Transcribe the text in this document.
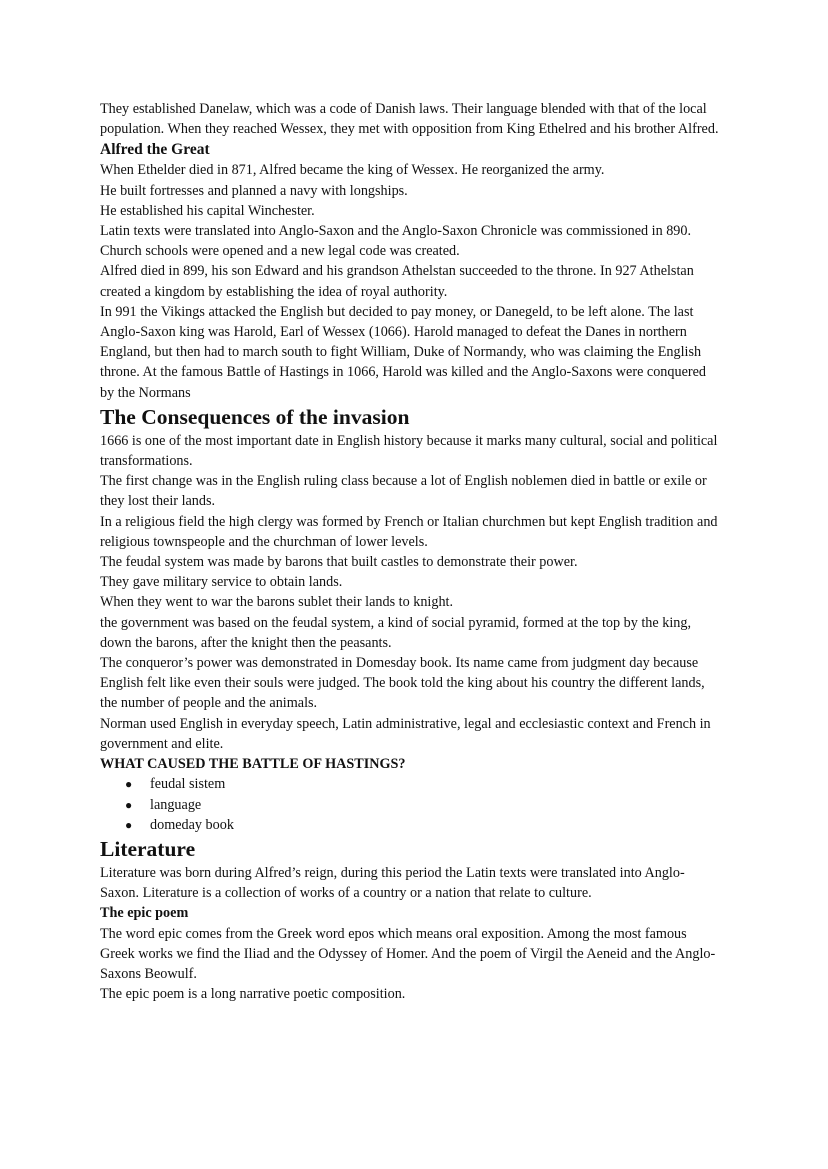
They established Danelaw, which was a code of Danish laws. Their language blended with that of the local population. When they reached Wessex, they met with opposition from King Ethelred and his brother Alfred.

Alfred the Great

When Ethelder died in 871, Alfred became the king of Wessex. He reorganized the army.

He built fortresses and planned a navy with longships.

He established his capital Winchester.

Latin texts were translated into Anglo-Saxon and the Anglo-Saxon Chronicle was commissioned in 890.

Church schools were opened and a new legal code was created.

Alfred died in 899, his son Edward and his grandson Athelstan succeeded to the throne. In 927 Athelstan created a kingdom by establishing the idea of royal authority.

In 991 the Vikings attacked the English but decided to pay money, or Danegeld, to be left alone. The last Anglo-Saxon king was Harold, Earl of Wessex (1066). Harold managed to defeat the Danes in northern England, but then had to march south to fight William, Duke of Normandy, who was claiming the English throne. At the famous Battle of Hastings in 1066, Harold was killed and the Anglo-Saxons were conquered by the Normans

The Consequences of the invasion

1666 is one of the most important date in English history because it marks many cultural, social and political transformations.

The first change was in the English ruling class because a lot of English noblemen died in battle or exile or they lost their lands.

In a religious field the high clergy was formed by French or Italian churchmen but kept English tradition and religious townspeople and the churchman of lower levels.

The feudal system was made by barons that built castles to demonstrate their power.

They gave military service to obtain lands.

When they went to war the barons sublet their lands to knight.

the government was based on the feudal system, a kind of social pyramid, formed at the top by the king, down the barons, after the knight then the peasants.

The conqueror’s power was demonstrated in Domesday book. Its name came from judgment day because English felt like even their souls were judged. The book told the king about his country the different lands, the number of people and the animals.

Norman used English in everyday speech, Latin administrative, legal and ecclesiastic context and French in government and elite.

WHAT CAUSED THE BATTLE OF HASTINGS?

● feudal sistem
● language
● domeday book

Literature

Literature was born during Alfred’s reign, during this period the Latin texts were translated into Anglo-Saxon. Literature is a collection of works of a country or a nation that relate to culture.

The epic poem

The word epic comes from the Greek word epos which means oral exposition. Among the most famous Greek works we find the Iliad and the Odyssey of Homer. And the poem of Virgil the Aeneid and the Anglo-Saxons Beowulf.

The epic poem is a long narrative poetic composition.
